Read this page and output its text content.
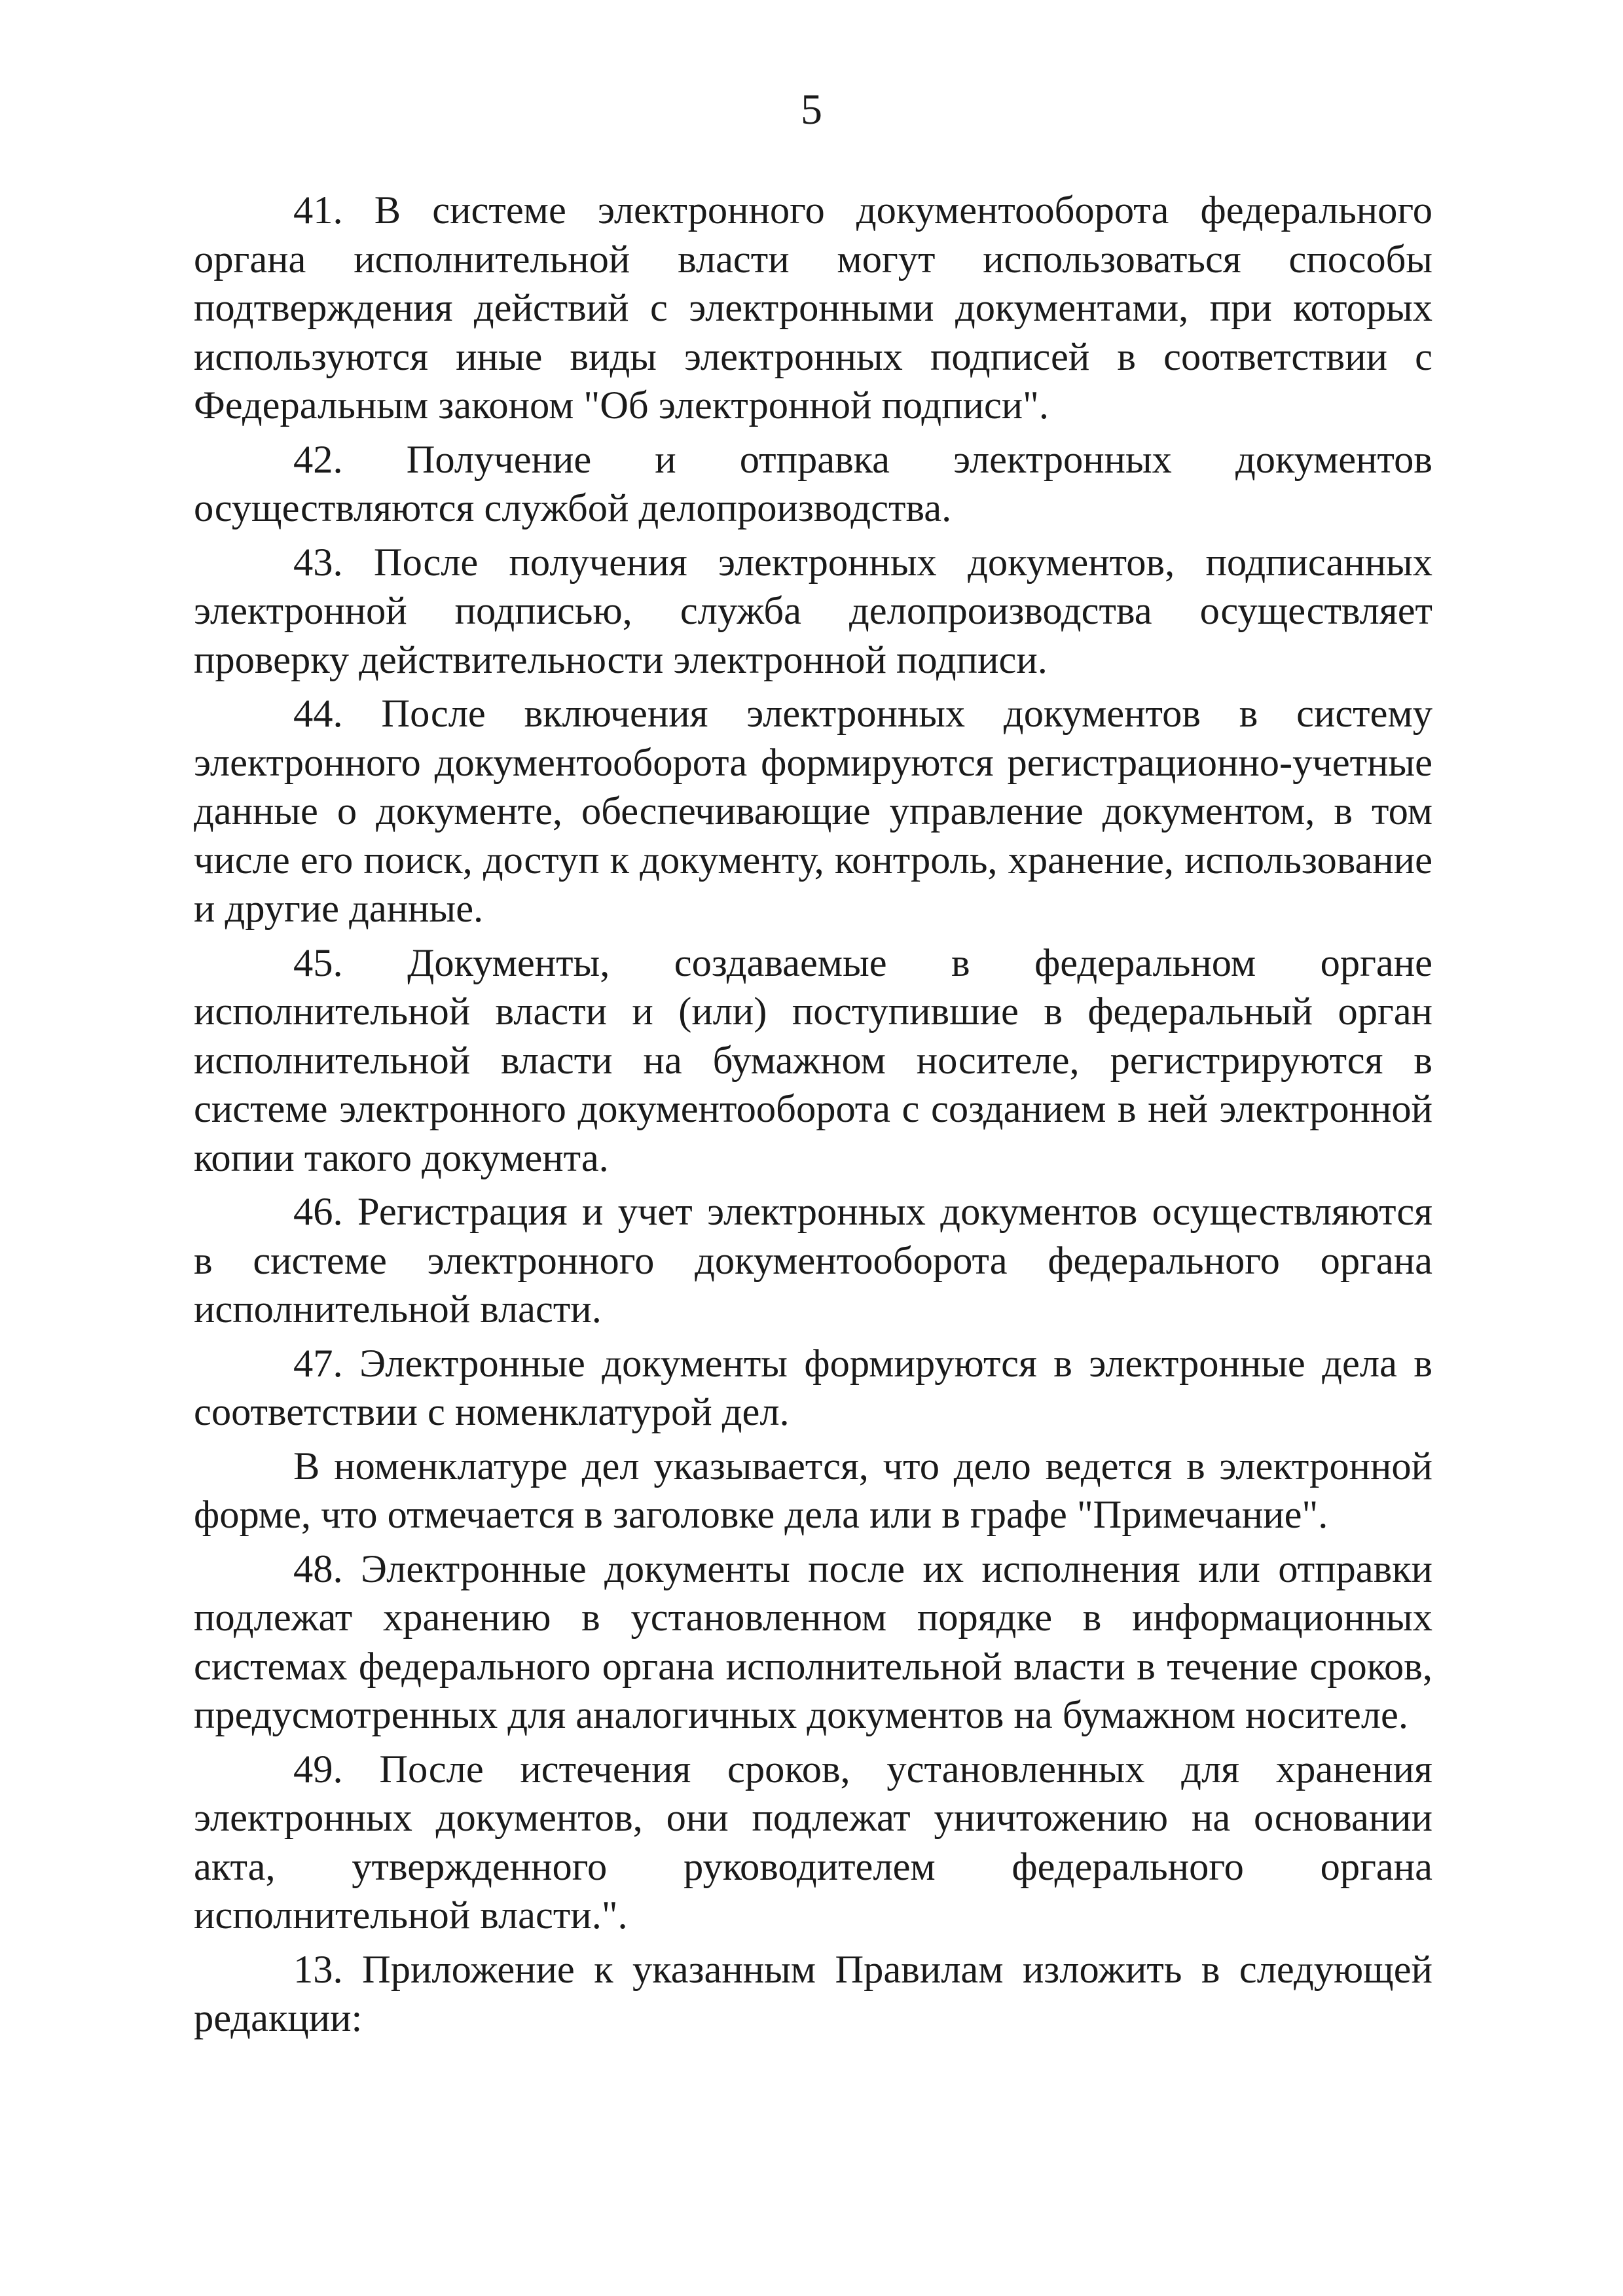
5

41. В системе электронного документооборота федерального органа исполнительной власти могут использоваться способы подтверждения действий с электронными документами, при которых используются иные виды электронных подписей в соответствии с Федеральным законом "Об электронной подписи".

42. Получение и отправка электронных документов осуществляются службой делопроизводства.

43. После получения электронных документов, подписанных электронной подписью, служба делопроизводства осуществляет проверку действительности электронной подписи.

44. После включения электронных документов в систему электронного документооборота формируются регистрационно-учетные данные о документе, обеспечивающие управление документом, в том числе его поиск, доступ к документу, контроль, хранение, использование и другие данные.

45. Документы, создаваемые в федеральном органе исполнительной власти и (или) поступившие в федеральный орган исполнительной власти на бумажном носителе, регистрируются в системе электронного документооборота с созданием в ней электронной копии такого документа.

46. Регистрация и учет электронных документов осуществляются в системе электронного документооборота федерального органа исполнительной власти.

47. Электронные документы формируются в электронные дела в соответствии с номенклатурой дел.

В номенклатуре дел указывается, что дело ведется в электронной форме, что отмечается в заголовке дела или в графе "Примечание".

48. Электронные документы после их исполнения или отправки подлежат хранению в установленном порядке в информационных системах федерального органа исполнительной власти в течение сроков, предусмотренных для аналогичных документов на бумажном носителе.

49. После истечения сроков, установленных для хранения электронных документов, они подлежат уничтожению на основании акта, утвержденного руководителем федерального органа исполнительной власти.".

13. Приложение к указанным Правилам изложить в следующей редакции:
